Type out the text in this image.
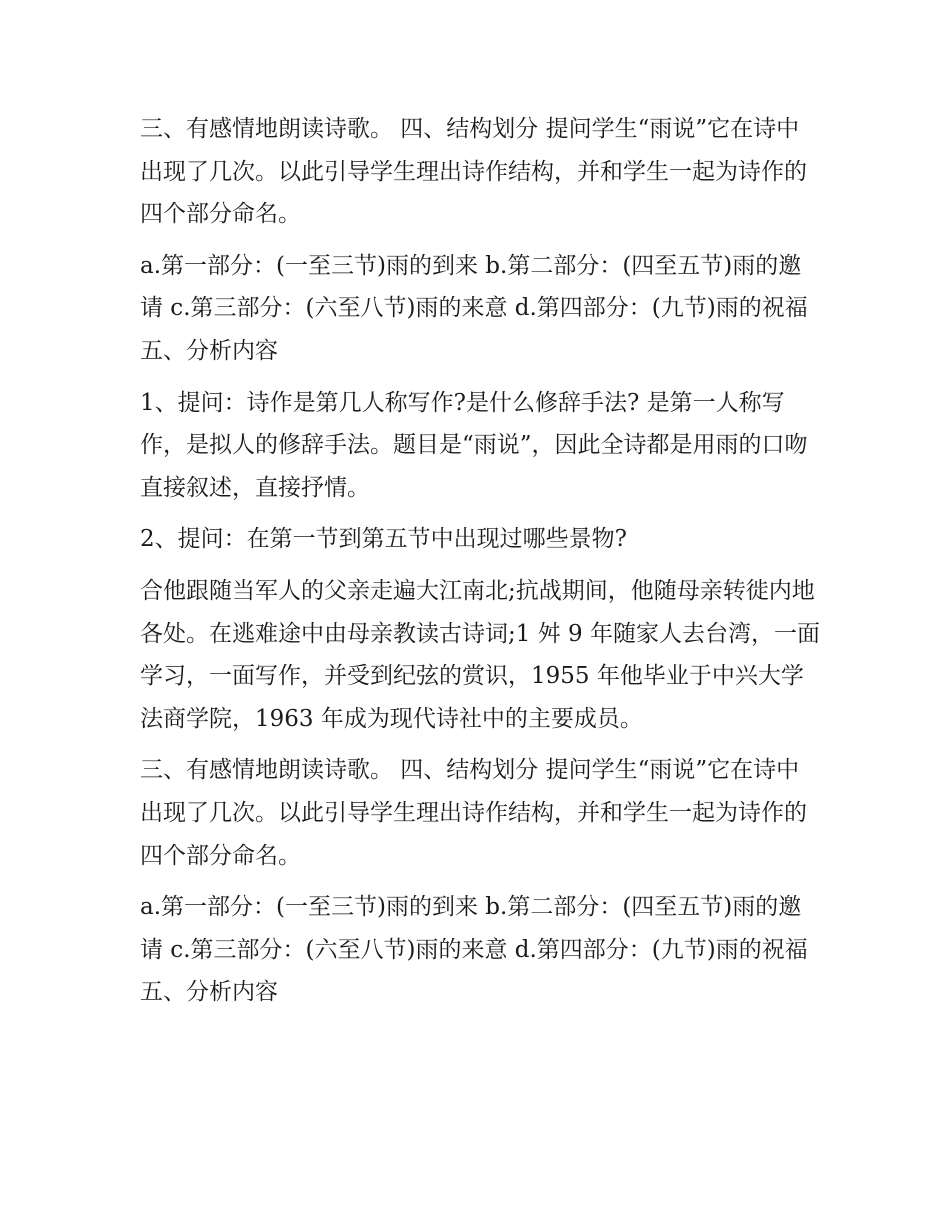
三、有感情地朗读诗歌。 四、结构划分 提问学生“雨说”它在诗中出现了几次。以此引导学生理出诗作结构，并和学生一起为诗作的四个部分命名。

a.第一部分：(一至三节)雨的到来 b.第二部分：(四至五节)雨的邀请 c.第三部分：(六至八节)雨的来意 d.第四部分：(九节)雨的祝福 五、分析内容

1、提问：诗作是第几人称写作?是什么修辞手法? 是第一人称写作，是拟人的修辞手法。题目是“雨说”，因此全诗都是用雨的口吻直接叙述，直接抒情。

2、提问：在第一节到第五节中出现过哪些景物?

合他跟随当军人的父亲走遍大江南北;抗战期间，他随母亲转徙内地各处。在逃难途中由母亲教读古诗词;1 舛 9 年随家人去台湾，一面学习，一面写作，并受到纪弦的赏识，1955 年他毕业于中兴大学法商学院，1963 年成为现代诗社中的主要成员。

三、有感情地朗读诗歌。 四、结构划分 提问学生“雨说”它在诗中出现了几次。以此引导学生理出诗作结构，并和学生一起为诗作的四个部分命名。

a.第一部分：(一至三节)雨的到来 b.第二部分：(四至五节)雨的邀请 c.第三部分：(六至八节)雨的来意 d.第四部分：(九节)雨的祝福 五、分析内容
